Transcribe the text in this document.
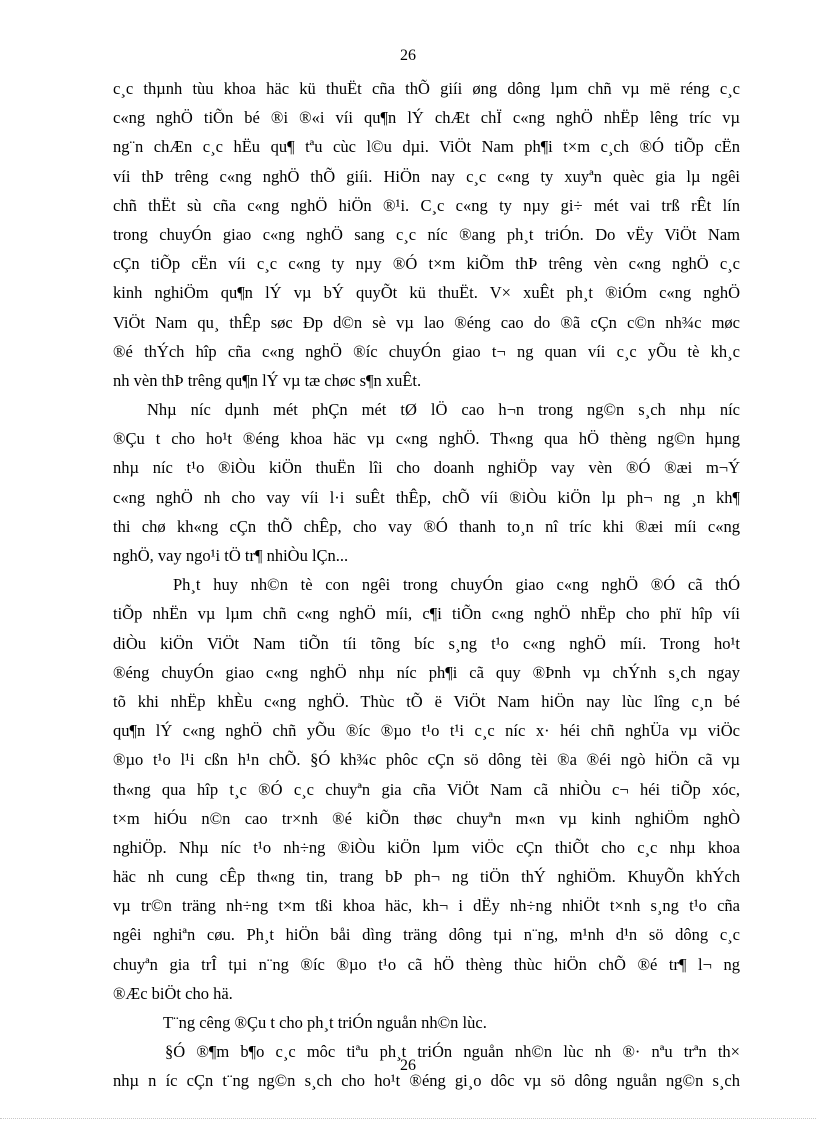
26
c¸c thµnh tùu khoa häc kü thuËt cña thÕ giíi øng dông lµm chñ vµ më réng c¸c
c«ng nghÖ tiÕn bé ®i ®«i víi qu¶n lÝ chÆt chÏ c«ng nghÖ nhËp lêng tríc vµ
ng¨n chÆn c¸c hËu qu¶ tªu cùc l©u dµi. ViÖt Nam ph¶i t×m c¸ch ®Ó tiÕp cËn
víi thÞ trêng c«ng nghÖ thÕ giíi. HiÖn nay c¸c c«ng ty xuyªn quèc gia lµ ngêi
chñ thËt sù cña c«ng nghÖ hiÖn ®¹i. C¸c c«ng ty nµy gi÷ mét vai trß rÊt lín
trong chuyÓn giao c«ng nghÖ sang c¸c níc ®ang ph¸t triÓn. Do vËy ViÖt Nam
cÇn tiÕp cËn víi c¸c c«ng ty nµy ®Ó t×m kiÕm thÞ trêng vèn c«ng nghÖ c¸c
kinh nghiÖm qu¶n lÝ vµ bÝ quyÕt kü thuËt. V× xuÊt ph¸t ®iÓm c«ng nghÖ
ViÖt Nam qu¸ thÊp søc Ðp d©n sè vµ lao ®éng cao do ®ã cÇn c©n nh¾c møc
®é thÝch hîp cña c«ng nghÖ ®íc chuyÓn giao t¬ ng quan víi c¸c yÕu tè kh¸c
nh vèn thÞ trêng qu¶n lÝ vµ tæ chøc s¶n xuÊt.
Nhµ níc dµnh mét phÇn mét tØ lÖ cao h¬n trong ng©n s¸ch nhµ níc
®Çu t cho ho¹t ®éng khoa häc vµ c«ng nghÖ. Th«ng qua hÖ thèng ng©n hµng
nhµ níc t¹o ®iÒu kiÖn thuËn lîi cho doanh nghiÖp vay vèn ®Ó ®æi m¬Ý
c«ng nghÖ nh cho vay víi l·i suÊt thÊp, chÕ víi ®iÒu kiÖn lµ ph¬ ng ¸n kh¶
thi chø kh«ng cÇn thÕ chÊp, cho vay ®Ó thanh to¸n nî tríc khi ®æi míi c«ng
nghÖ, vay ngo¹i tÖ tr¶ nhiÒu lÇn...
Ph¸t huy nh©n tè con ngêi trong chuyÓn giao c«ng nghÖ ®Ó cã thÓ
tiÕp nhËn vµ lµm chñ c«ng nghÖ míi, c¶i tiÕn c«ng nghÖ nhËp cho phï hîp víi
diÒu kiÖn ViÖt Nam tiÕn tíi tõng bíc s¸ng t¹o c«ng nghÖ míi. Trong ho¹t
®éng chuyÓn giao c«ng nghÖ nhµ níc ph¶i cã quy ®Þnh vµ chÝnh s¸ch ngay
tõ khi nhËp khÈu c«ng nghÖ. Thùc tÕ ë ViÖt Nam hiÖn nay lùc lîng c¸n bé
qu¶n lÝ c«ng nghÖ chñ yÕu ®íc ®µo t¹o t¹i c¸c níc x· héi chñ nghÜa vµ viÖc
®µo t¹o l¹i cßn h¹n chÕ. §Ó kh¾c phôc cÇn sö dông tèi ®a ®éi ngò hiÖn cã vµ
th«ng qua hîp t¸c ®Ó c¸c chuyªn gia cña ViÖt Nam cã nhiÒu c¬ héi tiÕp xóc,
t×m hiÓu n©n cao tr×nh ®é kiÕn thøc chuyªn m«n vµ kinh nghiÖm nghÒ
nghiÖp. Nhµ níc t¹o nh÷ng ®iÒu kiÖn lµm viÖc cÇn thiÕt cho c¸c nhµ khoa
häc nh cung cÊp th«ng tin, trang bÞ ph¬ ng tiÖn thÝ nghiÖm. KhuyÕn khÝch
vµ tr©n träng nh÷ng t×m tßi khoa häc, kh¬ i dËy nh÷ng nhiÖt t×nh s¸ng t¹o cña
ngêi nghiªn cøu. Ph¸t hiÖn båi dìng träng dông tµi n¨ng, m¹nh d¹n sö dông c¸c
chuyªn gia trÎ tµi n¨ng ®íc ®µo t¹o cã hÖ thèng thùc hiÖn chÕ ®é tr¶ l¬ ng
®Æc biÖt cho hä.
T¨ng cêng ®Çu t cho ph¸t triÓn nguån nh©n lùc.
§Ó ®¶m b¶o c¸c môc tiªu ph¸t triÓn nguån nh©n lùc nh ®· nªu trªn th×
nhµ n íc cÇn t¨ng ng©n s¸ch cho ho¹t ®éng gi¸o dôc vµ sö dông nguån ng©n s¸ch
26
